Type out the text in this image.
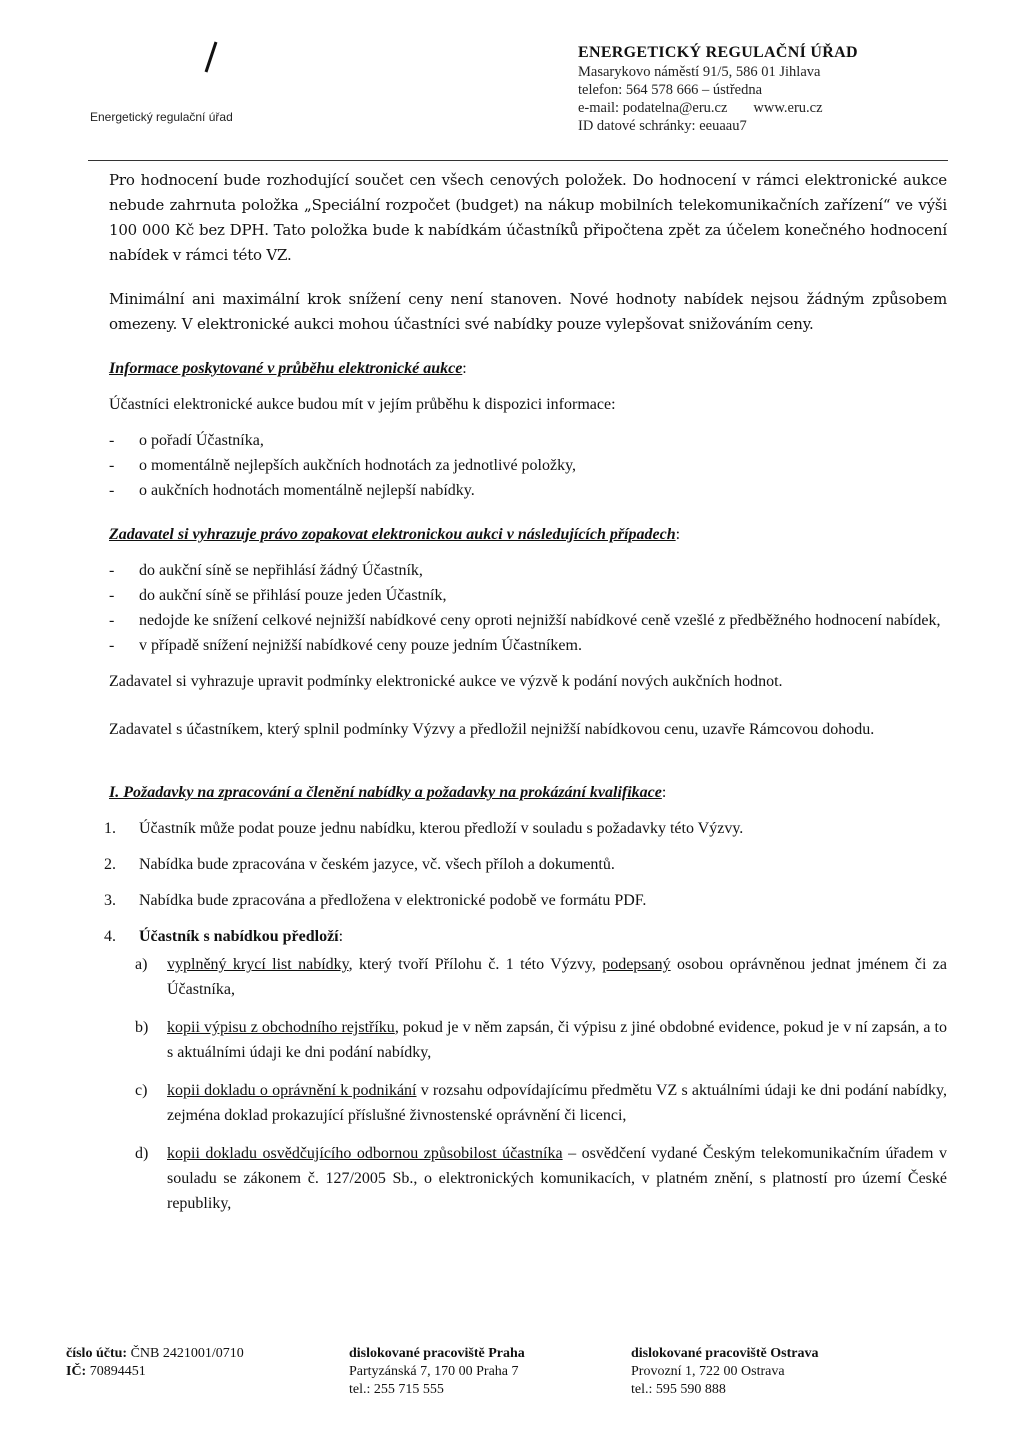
Energetický regulační úřad
ENERGETICKÝ REGULAČNÍ ÚŘAD
Masarykovo náměstí 91/5, 586 01 Jihlava
telefon: 564 578 666 – ústředna
e-mail: podatelna@eru.cz www.eru.cz
ID datové schránky: eeuaau7

Pro hodnocení bude rozhodující součet cen všech cenových položek. Do hodnocení v rámci elektronické aukce nebude zahrnuta položka „Speciální rozpočet (budget) na nákup mobilních telekomunikačních zařízení“ ve výši 100 000 Kč bez DPH. Tato položka bude k nabídkám účastníků připočtena zpět za účelem konečného hodnocení nabídek v rámci této VZ.

Minimální ani maximální krok snížení ceny není stanoven. Nové hodnoty nabídek nejsou žádným způsobem omezeny. V elektronické aukci mohou účastníci své nabídky pouze vylepšovat snižováním ceny.

Informace poskytované v průběhu elektronické aukce:

Účastníci elektronické aukce budou mít v jejím průběhu k dispozici informace:

- o pořadí Účastníka,
- o momentálně nejlepších aukčních hodnotách za jednotlivé položky,
- o aukčních hodnotách momentálně nejlepší nabídky.

Zadavatel si vyhrazuje právo zopakovat elektronickou aukci v následujících případech:

- do aukční síně se nepřihlásí žádný Účastník,
- do aukční síně se přihlásí pouze jeden Účastník,
- nedojde ke snížení celkové nejnižší nabídkové ceny oproti nejnižší nabídkové ceně vzešlé z předběžného hodnocení nabídek,
- v případě snížení nejnižší nabídkové ceny pouze jedním Účastníkem.

Zadavatel si vyhrazuje upravit podmínky elektronické aukce ve výzvě k podání nových aukčních hodnot.

Zadavatel s účastníkem, který splnil podmínky Výzvy a předložil nejnižší nabídkovou cenu, uzavře Rámcovou dohodu.

I. Požadavky na zpracování a členění nabídky a požadavky na prokázání kvalifikace:

1. Účastník může podat pouze jednu nabídku, kterou předloží v souladu s požadavky této Výzvy.
2. Nabídka bude zpracována v českém jazyce, vč. všech příloh a dokumentů.
3. Nabídka bude zpracována a předložena v elektronické podobě ve formátu PDF.
4. Účastník s nabídkou předloží:
a) vyplněný krycí list nabídky, který tvoří Přílohu č. 1 této Výzvy, podepsaný osobou oprávněnou jednat jménem či za Účastníka,
b) kopii výpisu z obchodního rejstříku, pokud je v něm zapsán, či výpisu z jiné obdobné evidence, pokud je v ní zapsán, a to s aktuálními údaji ke dni podání nabídky,
c) kopii dokladu o oprávnění k podnikání v rozsahu odpovídajícímu předmětu VZ s aktuálními údaji ke dni podání nabídky, zejména doklad prokazující příslušné živnostenské oprávnění či licenci,
d) kopii dokladu osvědčujícího odbornou způsobilost účastníka – osvědčení vydané Českým telekomunikačním úřadem v souladu se zákonem č. 127/2005 Sb., o elektronických komunikacích, v platném znění, s platností pro území České republiky,
číslo účtu: ČNB 2421001/0710
IČ: 70894451
dislokované pracoviště Praha
Partyzánská 7, 170 00 Praha 7
tel.: 255 715 555
dislokované pracoviště Ostrava
Provozní 1, 722 00 Ostrava
tel.: 595 590 888
